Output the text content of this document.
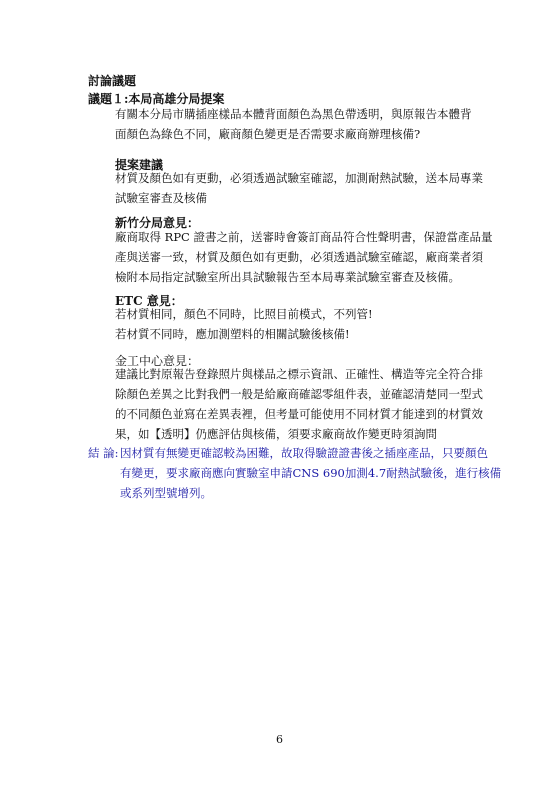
討論議題
議題１:本局高雄分局提案
有關本分局市購插座樣品本體背面顏色為黑色帶透明，與原報告本體背
面顏色為綠色不同，廠商顏色變更是否需要求廠商辦理核備?
提案建議
材質及顏色如有更動，必須透過試驗室確認，加測耐熱試驗，送本局專業
試驗室審查及核備
新竹分局意見：
廠商取得 RPC 證書之前，送審時會簽訂商品符合性聲明書，保證當產品量
產與送審一致，材質及顏色如有更動，必須透過試驗室確認，廠商業者須
檢附本局指定試驗室所出具試驗報告至本局專業試驗室審查及核備。
ETC 意見：
若材質相同，顏色不同時，比照目前模式，不列管!
若材質不同時，應加測塑料的相關試驗後核備!
金工中心意見：
建議比對原報告登錄照片與樣品之標示資訊、正確性、構造等完全符合排
除顏色差異之比對我們一般是給廠商確認零組件表，並確認清楚同一型式
的不同顏色並寫在差異表裡，但考量可能使用不同材質才能達到的材質效
果，如【透明】仍應評估與核備，須要求廠商故作變更時須詢問
結 論: 因材質有無變更確認較為困難，故取得驗證證書後之插座產品，只要顏色
有變更，要求廠商應向實驗室申請CNS 690加測4.7耐熱試驗後，進行核備
或系列型號增列。
6
